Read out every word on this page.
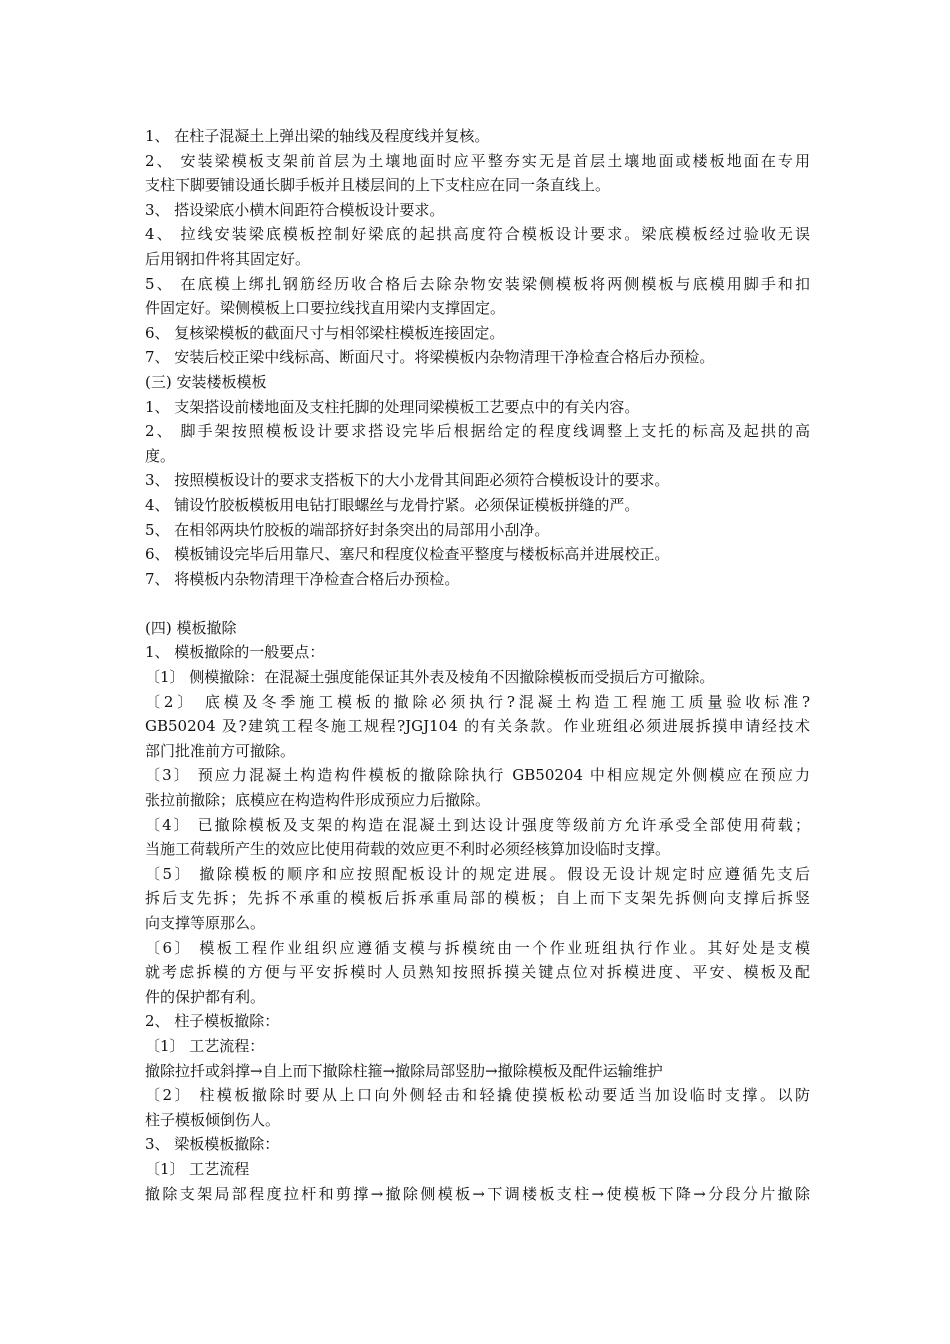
1、 在柱子混凝土上弹出梁的轴线及程度线并复核。
2、 安装梁模板支架前首层为土壤地面时应平整夯实无是首层土壤地面或楼板地面在专用
支柱下脚要铺设通长脚手板并且楼层间的上下支柱应在同一条直线上。
3、 搭设梁底小横木间距符合模板设计要求。
4、 拉线安装梁底模板控制好梁底的起拱高度符合模板设计要求。梁底模板经过验收无误
后用钢扣件将其固定好。
5、 在底模上绑扎钢筋经历收合格后去除杂物安装梁侧模板将两侧模板与底模用脚手和扣
件固定好。梁侧模板上口要拉线找直用梁内支撑固定。
6、 复核梁模板的截面尺寸与相邻梁柱模板连接固定。
7、 安装后校正梁中线标高、断面尺寸。将梁模板内杂物清理干净检查合格后办预检。
(三) 安装楼板模板
1、 支架搭设前楼地面及支柱托脚的处理同梁模板工艺要点中的有关内容。
2、 脚手架按照模板设计要求搭设完毕后根据给定的程度线调整上支托的标高及起拱的高
度。
3、 按照模板设计的要求支搭板下的大小龙骨其间距必须符合模板设计的要求。
4、 铺设竹胶板模板用电钻打眼螺丝与龙骨拧紧。必须保证模板拼缝的严。
5、 在相邻两块竹胶板的端部挤好封条突出的局部用小刮净。
6、 模板铺设完毕后用靠尺、塞尺和程度仪检查平整度与楼板标高并进展校正。
7、 将模板内杂物清理干净检查合格后办预检。
(四) 模板撤除
1、 模板撤除的一般要点：
〔1〕 侧模撤除：在混凝土强度能保证其外表及棱角不因撤除模板而受损后方可撤除。
〔2〕 底模及冬季施工模板的撤除必须执行?混凝土构造工程施工质量验收标准?
GB50204 及?建筑工程冬施工规程?JGJ104 的有关条款。作业班组必须进展拆摸申请经技术
部门批准前方可撤除。
〔3〕 预应力混凝土构造构件模板的撤除除执行 GB50204 中相应规定外侧模应在预应力
张拉前撤除；底模应在构造构件形成预应力后撤除。
〔4〕 已撤除模板及支架的构造在混凝土到达设计强度等级前方允许承受全部使用荷载；
当施工荷载所产生的效应比使用荷载的效应更不利时必须经核算加设临时支撑。
〔5〕 撤除模板的顺序和应按照配板设计的规定进展。假设无设计规定时应遵循先支后
拆后支先拆；先拆不承重的模板后拆承重局部的模板；自上而下支架先拆侧向支撑后拆竖
向支撑等原那么。
〔6〕 模板工程作业组织应遵循支模与拆模统由一个作业班组执行作业。其好处是支模
就考虑拆模的方便与平安拆模时人员熟知按照拆摸关键点位对拆模进度、平安、模板及配
件的保护都有利。
2、 柱子模板撤除：
〔1〕 工艺流程：
撤除拉扦或斜撑→自上而下撤除柱箍→撤除局部竖肋→撤除模板及配件运输维护
〔2〕 柱模板撤除时要从上口向外侧轻击和轻撬使摸板松动要适当加设临时支撑。以防
柱子模板倾倒伤人。
3、 梁板模板撤除：
〔1〕 工艺流程
撤除支架局部程度拉杆和剪撑→撤除侧模板→下调楼板支柱→使模板下降→分段分片撤除
